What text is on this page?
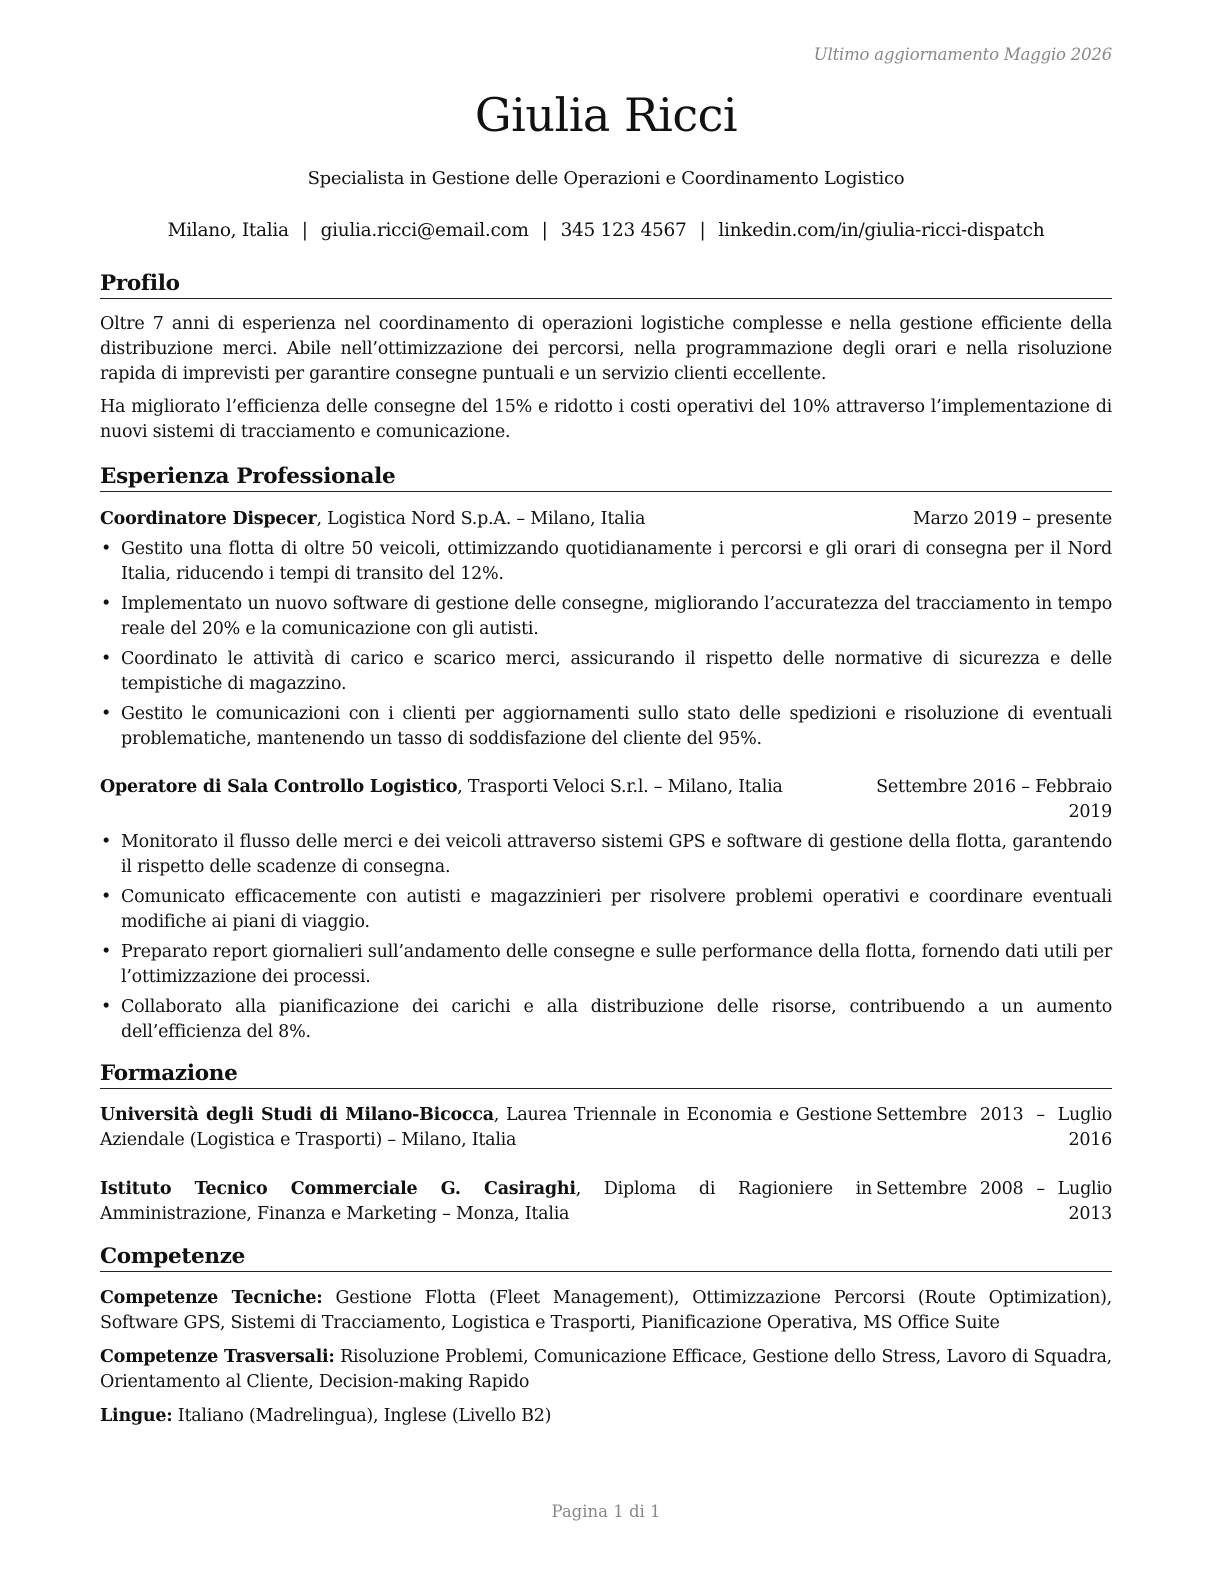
Ultimo aggiornamento Maggio 2026
Giulia Ricci
Specialista in Gestione delle Operazioni e Coordinamento Logistico
Milano, Italia | giulia.ricci@email.com | 345 123 4567 | linkedin.com/in/giulia-ricci-dispatch
Profilo

Oltre 7 anni di esperienza nel coordinamento di operazioni logistiche complesse e nella gestione efficiente della distribuzione merci. Abile nell’ottimizzazione dei percorsi, nella programmazione degli orari e nella risoluzione rapida di imprevisti per garantire consegne puntuali e un servizio clienti eccellente.

Ha migliorato l’efficienza delle consegne del 15% e ridotto i costi operativi del 10% attraverso l’implementazione di nuovi sistemi di tracciamento e comunicazione.

Esperienza Professionale
Coordinatore Dispecer, Logistica Nord S.p.A. – Milano, Italia	Marzo 2019 – presente
• Gestito una flotta di oltre 50 veicoli, ottimizzando quotidianamente i percorsi e gli orari di consegna per il Nord Italia, riducendo i tempi di transito del 12%.
• Implementato un nuovo software di gestione delle consegne, migliorando l’accuratezza del tracciamento in tempo reale del 20% e la comunicazione con gli autisti.
• Coordinato le attività di carico e scarico merci, assicurando il rispetto delle normative di sicurezza e delle tempistiche di magazzino.
• Gestito le comunicazioni con i clienti per aggiornamenti sullo stato delle spedizioni e risoluzione di eventuali problematiche, mantenendo un tasso di soddisfazione del cliente del 95%.
Operatore di Sala Controllo Logistico, Trasporti Veloci S.r.l. – Milano, Italia	Settembre 2016 – Febbraio
2019
• Monitorato il flusso delle merci e dei veicoli attraverso sistemi GPS e software di gestione della flotta, garantendo il rispetto delle scadenze di consegna.
• Comunicato efficacemente con autisti e magazzinieri per risolvere problemi operativi e coordinare eventuali modifiche ai piani di viaggio.
• Preparato report giornalieri sull’andamento delle consegne e sulle performance della flotta, fornendo dati utili per l’ottimizzazione dei processi.
• Collaborato alla pianificazione dei carichi e alla distribuzione delle risorse, contribuendo a un aumento dell’efficienza del 8%.
Formazione
Università degli Studi di Milano-Bicocca, Laurea Triennale in Economia e Gestione Aziendale (Logistica e Trasporti) – Milano, Italia
Settembre 2013 – Luglio
2016
Istituto Tecnico Commerciale G. Casiraghi, Diploma di Ragioniere in Amministrazione, Finanza e Marketing – Monza, Italia
Settembre 2008 – Luglio
2013
Competenze

Competenze Tecniche: Gestione Flotta (Fleet Management), Ottimizzazione Percorsi (Route Optimization), Software GPS, Sistemi di Tracciamento, Logistica e Trasporti, Pianificazione Operativa, MS Office Suite

Competenze Trasversali: Risoluzione Problemi, Comunicazione Efficace, Gestione dello Stress, Lavoro di Squadra, Orientamento al Cliente, Decision-making Rapido

Lingue: Italiano (Madrelingua), Inglese (Livello B2)

Pagina 1 di 1
